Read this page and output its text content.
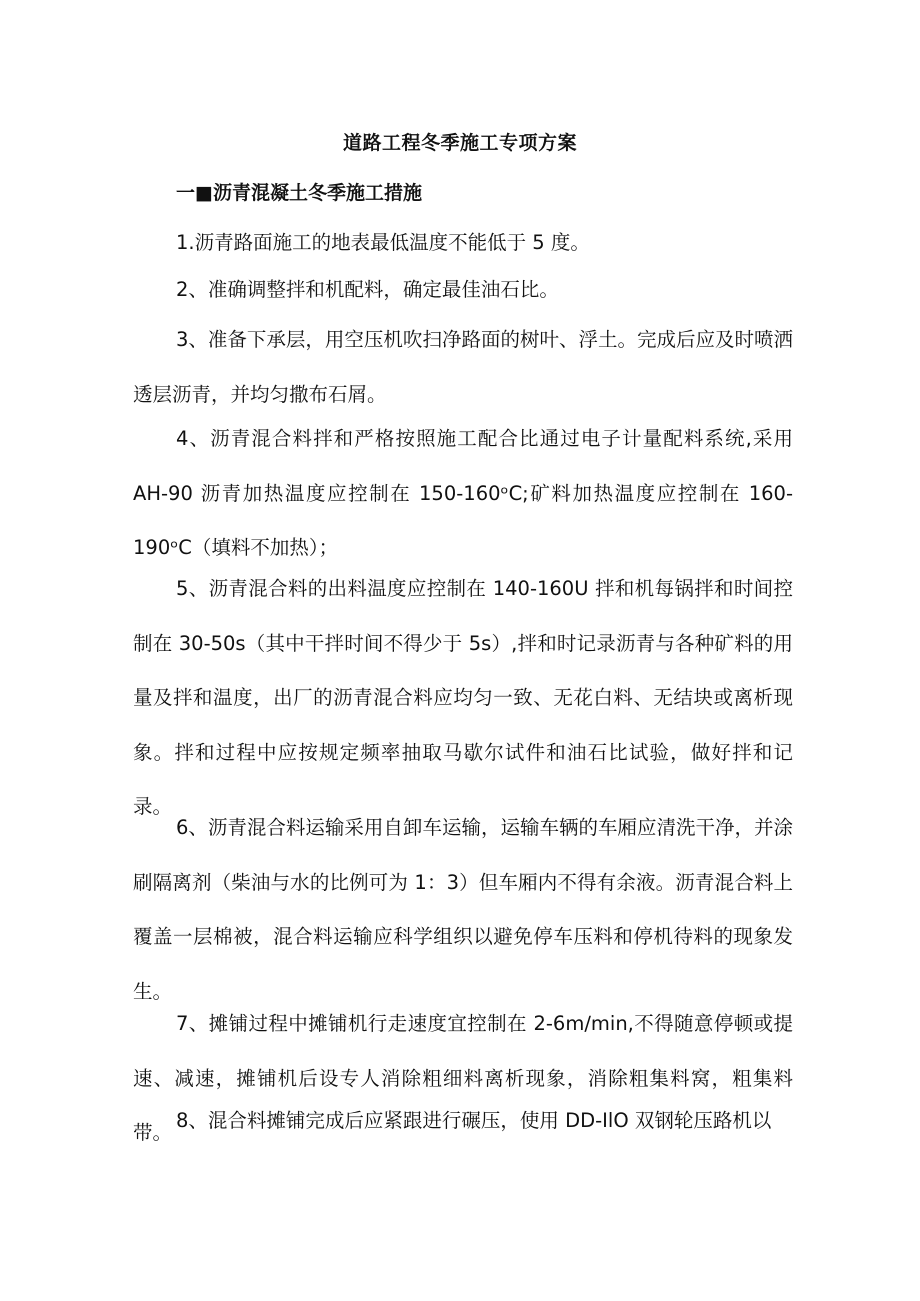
道路工程冬季施工专项方案
一■沥青混凝土冬季施工措施

1.沥青路面施工的地表最低温度不能低于 5 度。

2、准确调整拌和机配料，确定最佳油石比。

3、准备下承层，用空压机吹扫净路面的树叶、浮土。完成后应及时喷洒透层沥青，并均匀撒布石屑。

4、沥青混合料拌和严格按照施工配合比通过电子计量配料系统,采用 AH-90 沥青加热温度应控制在 150-160ᵒC;矿料加热温度应控制在 160-190ᵒC（填料不加热）；

5、沥青混合料的出料温度应控制在 140-160U 拌和机每锅拌和时间控制在 30-50s（其中干拌时间不得少于 5s）,拌和时记录沥青与各种矿料的用量及拌和温度，出厂的沥青混合料应均匀一致、无花白料、无结块或离析现象。拌和过程中应按规定频率抽取马歇尔试件和油石比试验，做好拌和记录。

6、沥青混合料运输采用自卸车运输，运输车辆的车厢应清洗干净，并涂刷隔离剂（柴油与水的比例可为 1：3）但车厢内不得有余液。沥青混合料上覆盖一层棉被，混合料运输应科学组织以避免停车压料和停机待料的现象发生。

7、摊铺过程中摊铺机行走速度宜控制在 2-6m∕min,不得随意停顿或提速、减速，摊铺机后设专人消除粗细料离析现象，消除粗集料窝，粗集料带。

8、混合料摊铺完成后应紧跟进行碾压，使用 DD-IlO 双钢轮压路机以
